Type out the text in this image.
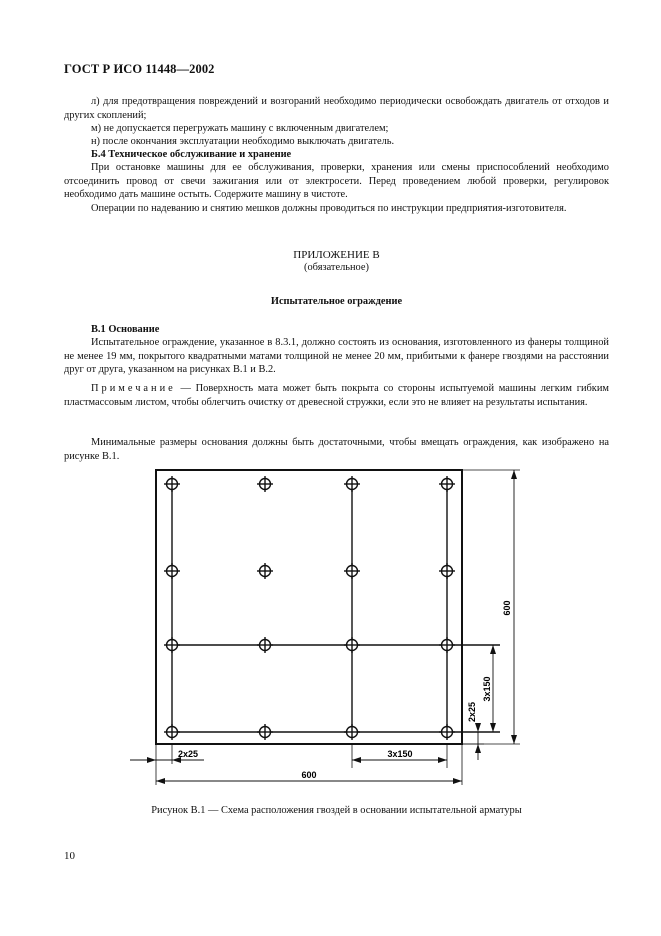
ГОСТ Р ИСО 11448—2002
л) для предотвращения повреждений и возгораний необходимо периодически освобождать двигатель от отходов и других скоплений;
м) не допускается перегружать машину с включенным двигателем;
н) после окончания эксплуатации необходимо выключать двигатель.
Б.4 Техническое обслуживание и хранение
При остановке машины для ее обслуживания, проверки, хранения или смены приспособлений необходимо отсоединить провод от свечи зажигания или от электросети. Перед проведением любой проверки, регулировок необходимо дать машине остыть. Содержите машину в чистоте.
Операции по надеванию и снятию мешков должны проводиться по инструкции предприятия-изготовителя.
ПРИЛОЖЕНИЕ В
(обязательное)
Испытательное ограждение
В.1 Основание
Испытательное ограждение, указанное в 8.3.1, должно состоять из основания, изготовленного из фанеры толщиной не менее 19 мм, покрытого квадратными матами толщиной не менее 20 мм, прибитыми к фанере гвоздями на расстоянии друг от друга, указанном на рисунках В.1 и В.2.
Примечание — Поверхность мата может быть покрыта со стороны испытуемой машины легким гибким пластмассовым листом, чтобы облегчить очистку от древесной стружки, если это не влияет на результаты испытания.
Минимальные размеры основания должны быть достаточными, чтобы вмещать ограждения, как изображено на рисунке В.1.
600
3x150
2x25
2x25	3x150
600
Рисунок В.1 — Схема расположения гвоздей в основании испытательной арматуры
10
